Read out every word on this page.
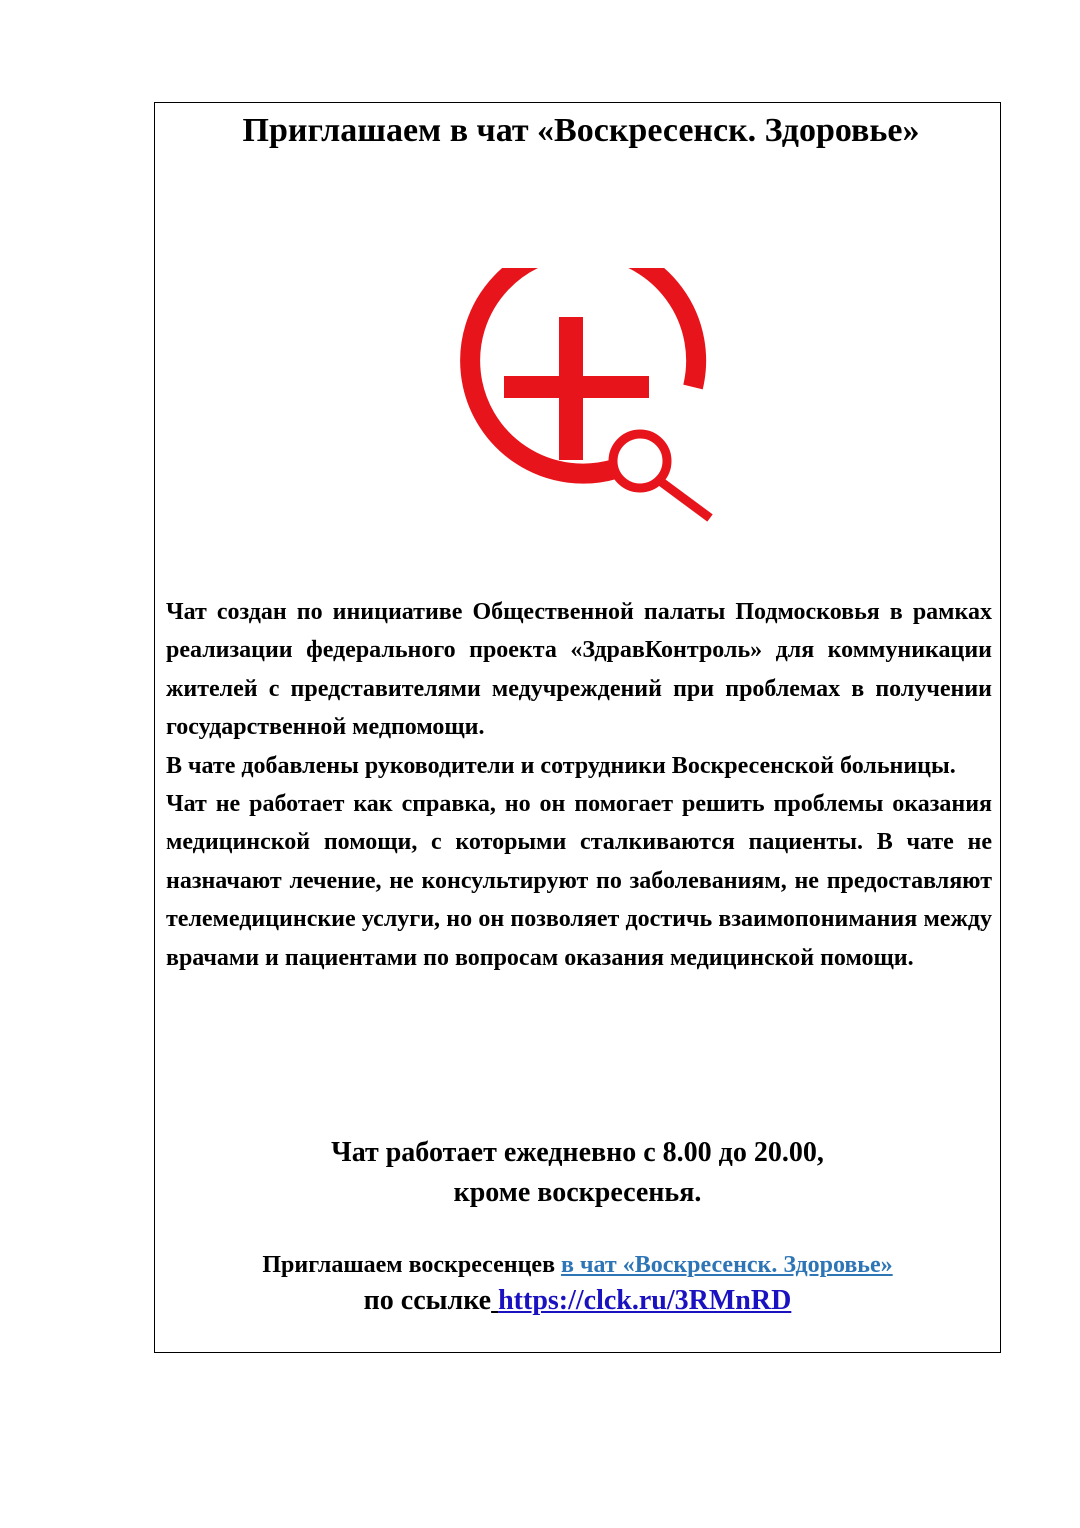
Приглашаем в чат «Воскресенск. Здоровье»

Чат создан по инициативе Общественной палаты Подмосковья в рамках реализации федерального проекта «ЗдравКонтроль» для коммуникации жителей с представителями медучреждений при проблемах в получении государственной медпомощи.

В чате добавлены руководители и сотрудники Воскресенской больницы.

Чат не работает как справка, но он помогает решить проблемы оказания медицинской помощи, с которыми сталкиваются пациенты. В чате не назначают лечение, не консультируют по заболеваниям, не предоставляют телемедицинские услуги, но он позволяет достичь взаимопонимания между врачами и пациентами по вопросам оказания медицинской помощи.

Чат работает ежедневно с 8.00 до 20.00,
кроме воскресенья.
Приглашаем воскресенцев в чат «Воскресенск. Здоровье»
по ссылке https://clck.ru/3RMnRD
